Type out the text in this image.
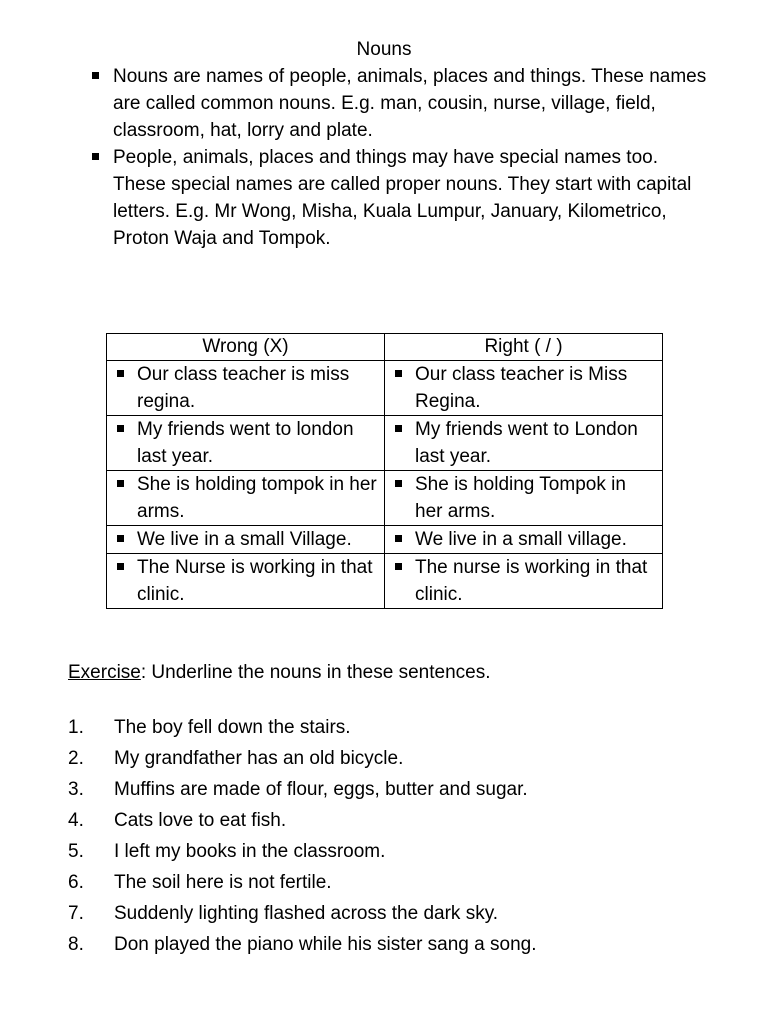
Nouns
Nouns are names of people, animals, places and things. These names are called common nouns. E.g. man, cousin, nurse, village, field, classroom, hat, lorry and plate.
People, animals, places and things may have special names too. These special names are called proper nouns. They start with capital letters. E.g. Mr Wong, Misha, Kuala Lumpur, January, Kilometrico, Proton Waja and Tompok.
Wrong (X)	Right ( / )

Our class teacher is miss regina.	Our class teacher is Miss Regina.

My friends went to london last year.	My friends went to London last year.

She is holding tompok in her arms.	She is holding Tompok in her arms.

We live in a small Village.	We live in a small village.

The Nurse is working in that clinic.	The nurse is working in that clinic.
Exercise: Underline the nouns in these sentences.
1.	The boy fell down the stairs.
2.	My grandfather has an old bicycle.
3.	Muffins are made of flour, eggs, butter and sugar.
4.	Cats love to eat fish.
5.	I left my books in the classroom.
6.	The soil here is not fertile.
7.	Suddenly lighting flashed across the dark sky.
8.	Don played the piano while his sister sang a song.
